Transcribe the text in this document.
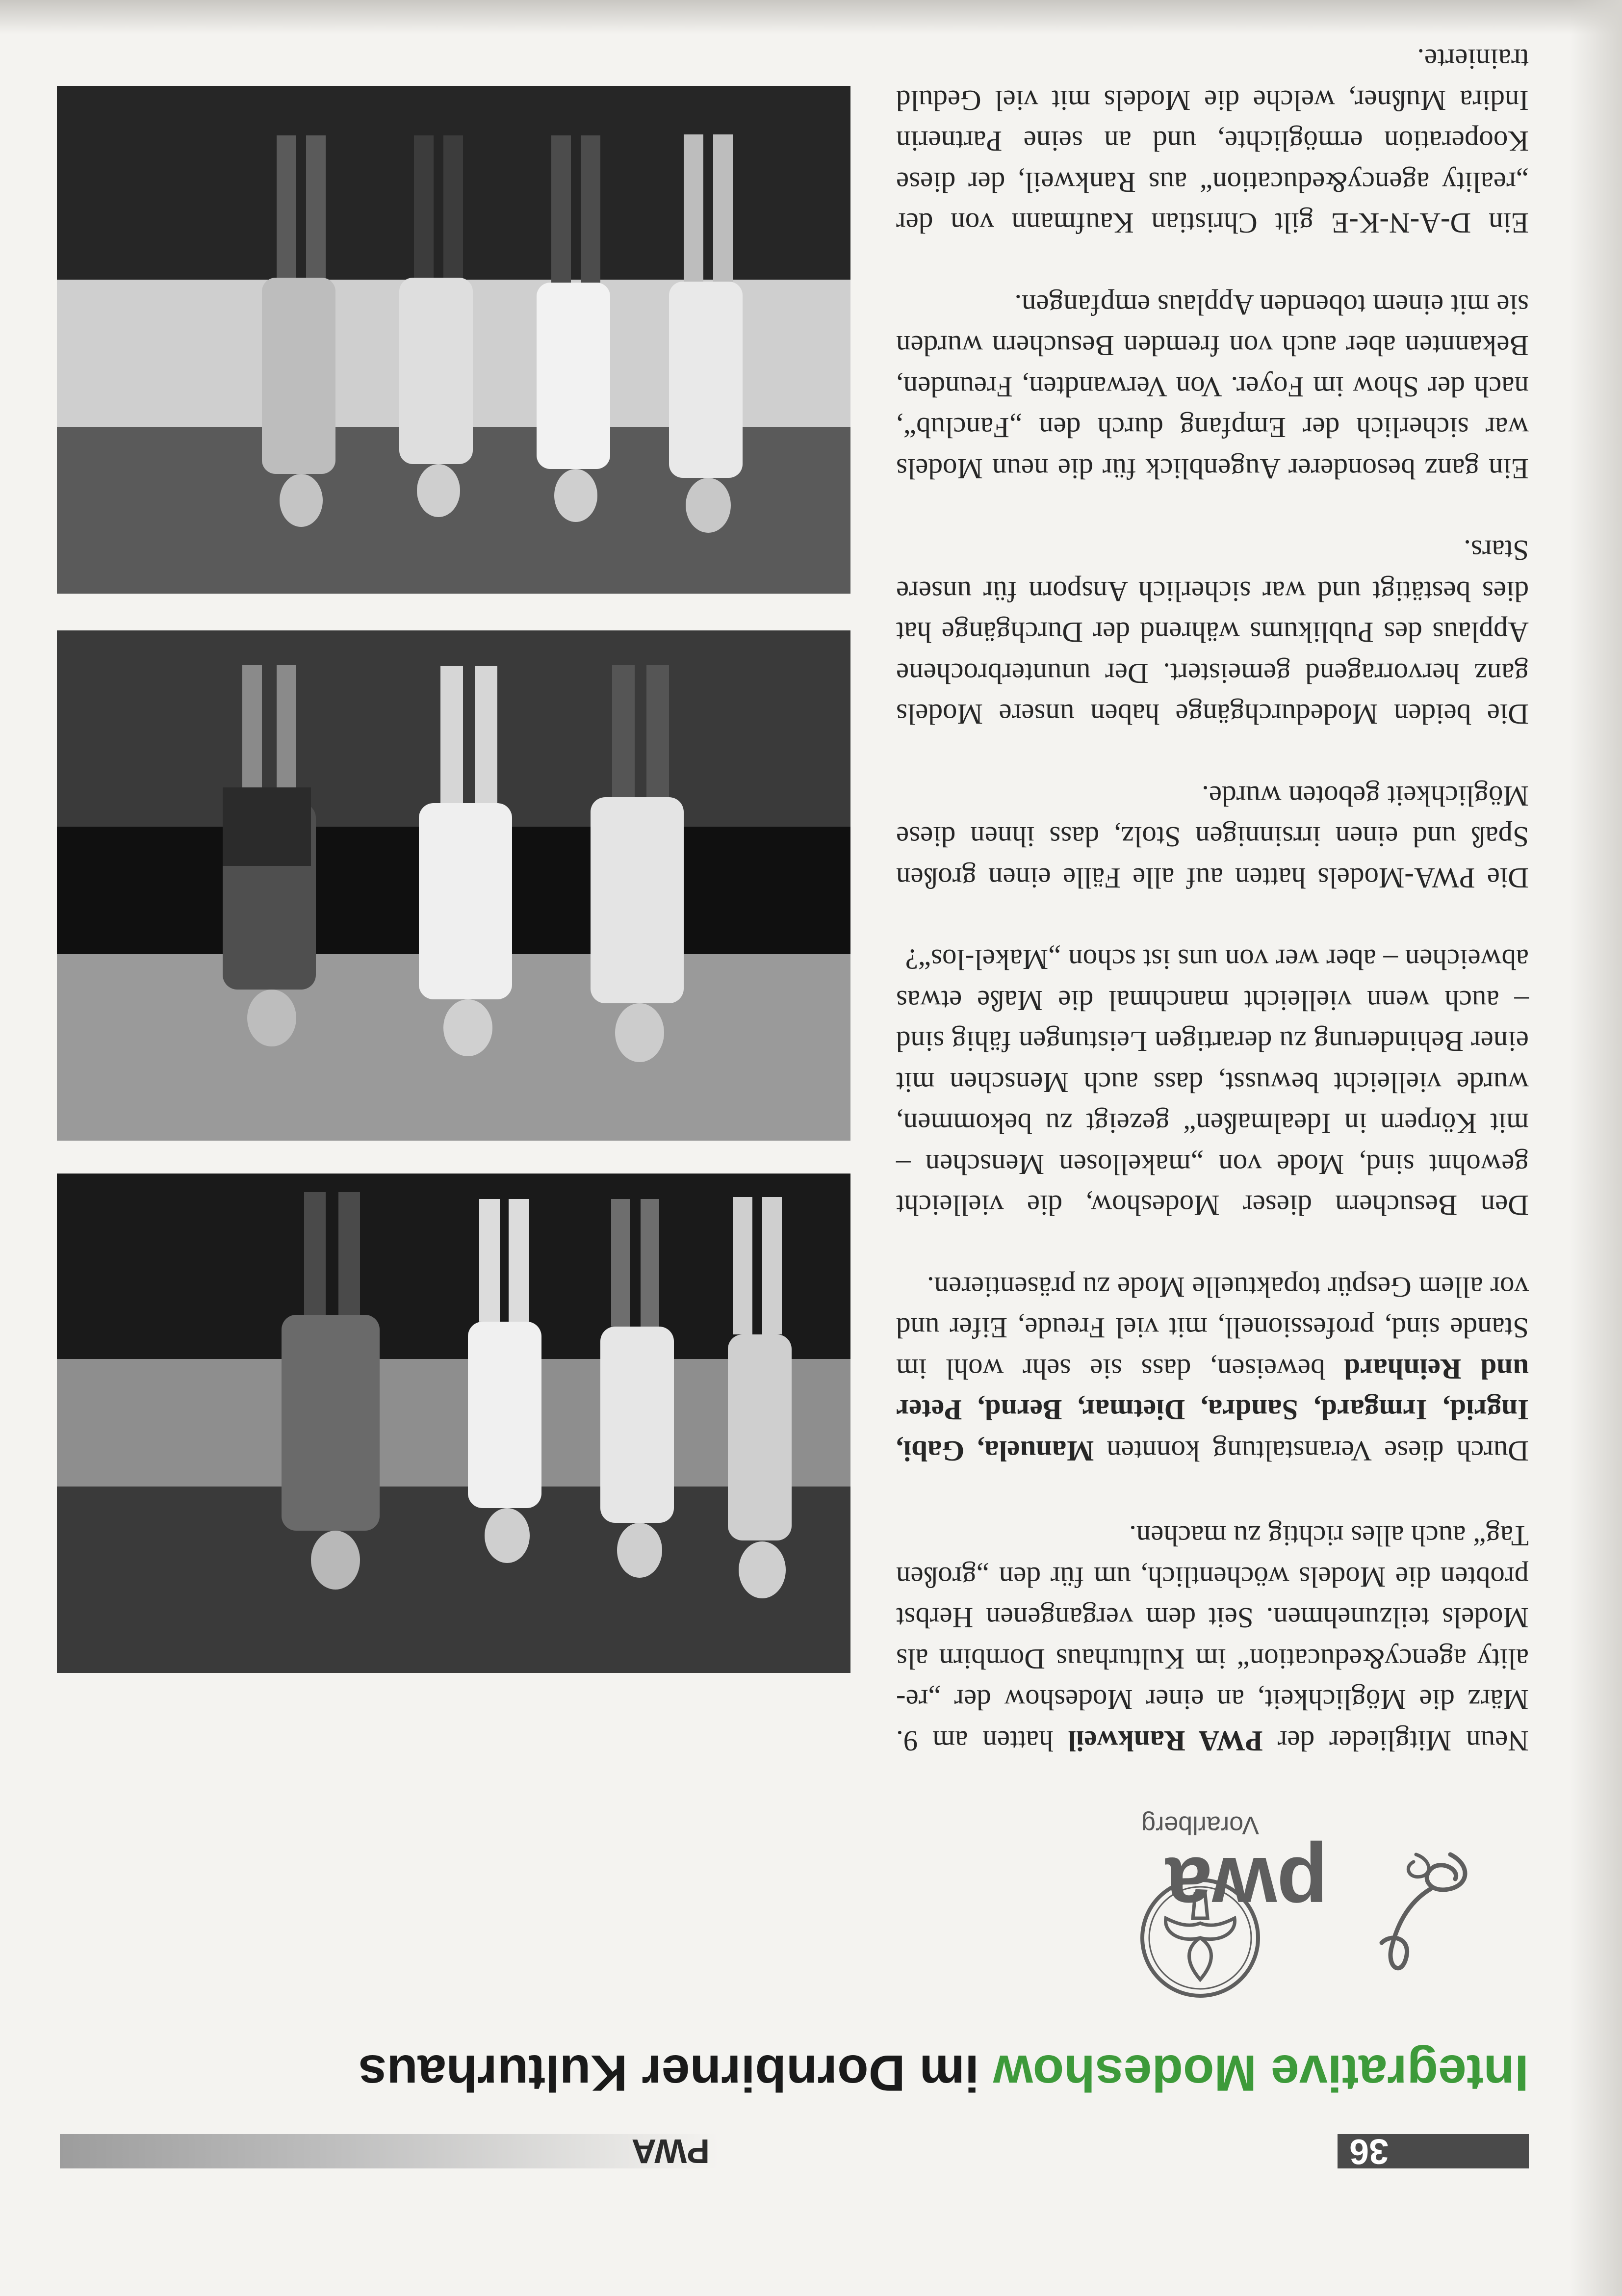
36
PWA
Integrative Modeshow im Dornbirner Kulturhaus
pwa
Vorarlberg

Neun Mitglieder der PWA Rankweil hatten am 9. März die Möglichkeit, an einer Modeshow der „reality agency&education“ im Kulturhaus Dornbirn als Models teilzunehmen. Seit dem vergangenen Herbst probten die Models wöchentlich, um für den „großen Tag“ auch alles richtig zu machen.

Durch diese Veranstaltung konnten Manuela, Gabi, Ingrid, Irmgard, Sandra, Dietmar, Bernd, Peter und Reinhard beweisen, dass sie sehr wohl im Stande sind, professionell, mit viel Freude, Eifer und vor allem Gespür topaktuelle Mode zu präsentieren.

Den Besuchern dieser Modeshow, die vielleicht gewohnt sind, Mode von „makellosen Menschen – mit Körpern in Idealmaßen“ gezeigt zu bekommen, wurde vielleicht bewusst, dass auch Menschen mit einer Behinderung zu derartigen Leistungen fähig sind – auch wenn vielleicht manchmal die Maße etwas abweichen – aber wer von uns ist schon „Makel-los“?

Die PWA-Models hatten auf alle Fälle einen großen Spaß und einen irrsinnigen Stolz, dass ihnen diese Möglichkeit geboten wurde.

Die beiden Modedurchgänge haben unsere Models ganz hervorragend gemeistert. Der ununterbrochene Applaus des Publikums während der Durchgänge hat dies bestätigt und war sicherlich Ansporn für unsere Stars.

Ein ganz besonderer Augenblick für die neun Models war sicherlich der Empfang durch den „Fanclub“, nach der Show im Foyer. Von Verwandten, Freunden, Bekannten aber auch von fremden Besuchern wurden sie mit einem tobenden Applaus empfangen.

Ein D-A-N-K-E gilt Christian Kaufmann von der „reality agency&education“ aus Rankweil, der diese Kooperation ermöglichte, und an seine Partnerin Indira Mußner, welche die Models mit viel Geduld trainierte.
